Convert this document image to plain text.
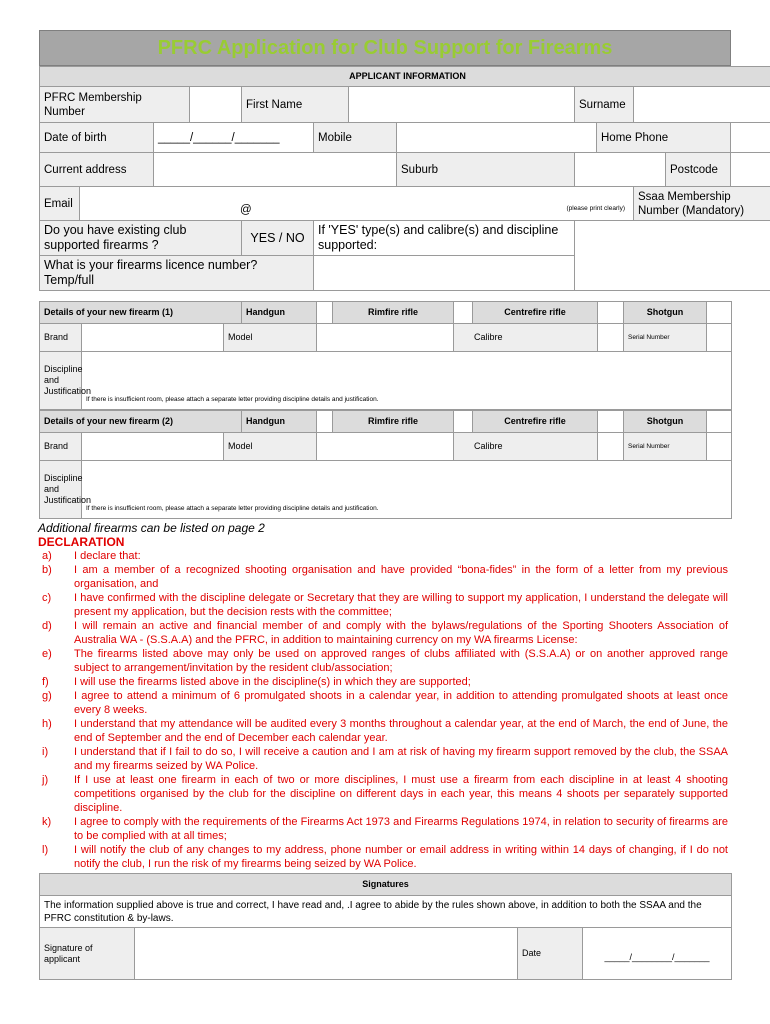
PFRC Application for Club Support for Firearms
APPLICANT INFORMATION												
PFRC Membership Number				First Name				Surname				
Date of birth		_____/______/_______			Mobile				Home Phone			
Current address							Suburb				Postcode	
Email	@ (please print clearly)									Ssaa Membership Number (Mandatory)		
Do you have existing club supported firearms ?				YES / NO	If 'YES' type(s) and calibre(s) and discipline supported:							
What is your firearms licence number? Temp/full												
Details of your new firearm (1)			Handgun		Rimfire rifle		Centrefire rifle		Shotgun	
Brand		Model				Calibre			Serial Number	
Discipline and Justification	If there is insufficient room, please attach a separate letter providing discipline details and justification.									
Details of your new firearm (2)			Handgun		Rimfire rifle		Centrefire rifle		Shotgun	
Brand		Model				Calibre			Serial Number	
Discipline and Justification	If there is insufficient room, please attach a separate letter providing discipline details and justification.									
Additional firearms can be listed on page 2
DECLARATION
a)	I declare that:
b)	I am a member of a recognized shooting organisation and have provided “bona-fides” in the form of a letter from my previous organisation, and
c)	I have confirmed with the discipline delegate or Secretary that they are willing to support my application, I understand the delegate will present my application, but the decision rests with the committee;
d)	I will remain an active and financial member of and comply with the bylaws/regulations of the Sporting Shooters Association of Australia WA - (S.S.A.A) and the PFRC, in addition to maintaining currency on my WA firearms License:
e)	The firearms listed above may only be used on approved ranges of clubs affiliated with (S.S.A.A) or on another approved range subject to arrangement/invitation by the resident club/association;
f)	I will use the firearms listed above in the discipline(s) in which they are supported;
g)	I agree to attend a minimum of 6 promulgated shoots in a calendar year, in addition to attending promulgated shoots at least once every 8 weeks.
h)	I understand that my attendance will be audited every 3 months throughout a calendar year, at the end of March, the end of June, the end of September and the end of December each calendar year.
i)	I understand that if I fail to do so, I will receive a caution and I am at risk of having my firearm support removed by the club, the SSAA and my firearms seized by WA Police.
j)	If I use at least one firearm in each of two or more disciplines, I must use a firearm from each discipline in at least 4 shooting competitions organised by the club for the discipline on different days in each year, this means 4 shoots per separately supported discipline.
k)	I agree to comply with the requirements of the Firearms Act 1973 and Firearms Regulations 1974, in relation to security of firearms are to be complied with at all times;
l)	I will notify the club of any changes to my address, phone number or email address in writing within 14 days of changing, if I do not notify the club, I run the risk of my firearms being seized by WA Police.
Signatures
The information supplied above is true and correct, I have read and, .I agree to abide by the rules shown above, in addition to both the SSAA and the PFRC constitution & by-laws.
Signature of applicant		Date	_____/________/_______
